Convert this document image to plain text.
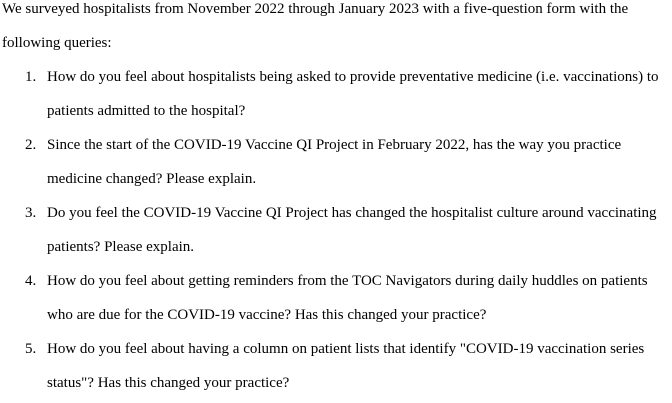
We surveyed hospitalists from November 2022 through January 2023 with a five-question form with the
following queries:

1. How do you feel about hospitalists being asked to provide preventative medicine (i.e. vaccinations) to
patients admitted to the hospital?
2. Since the start of the COVID-19 Vaccine QI Project in February 2022, has the way you practice
medicine changed? Please explain.
3. Do you feel the COVID-19 Vaccine QI Project has changed the hospitalist culture around vaccinating
patients? Please explain.
4. How do you feel about getting reminders from the TOC Navigators during daily huddles on patients
who are due for the COVID-19 vaccine? Has this changed your practice?
5. How do you feel about having a column on patient lists that identify "COVID-19 vaccination series
status"? Has this changed your practice?
